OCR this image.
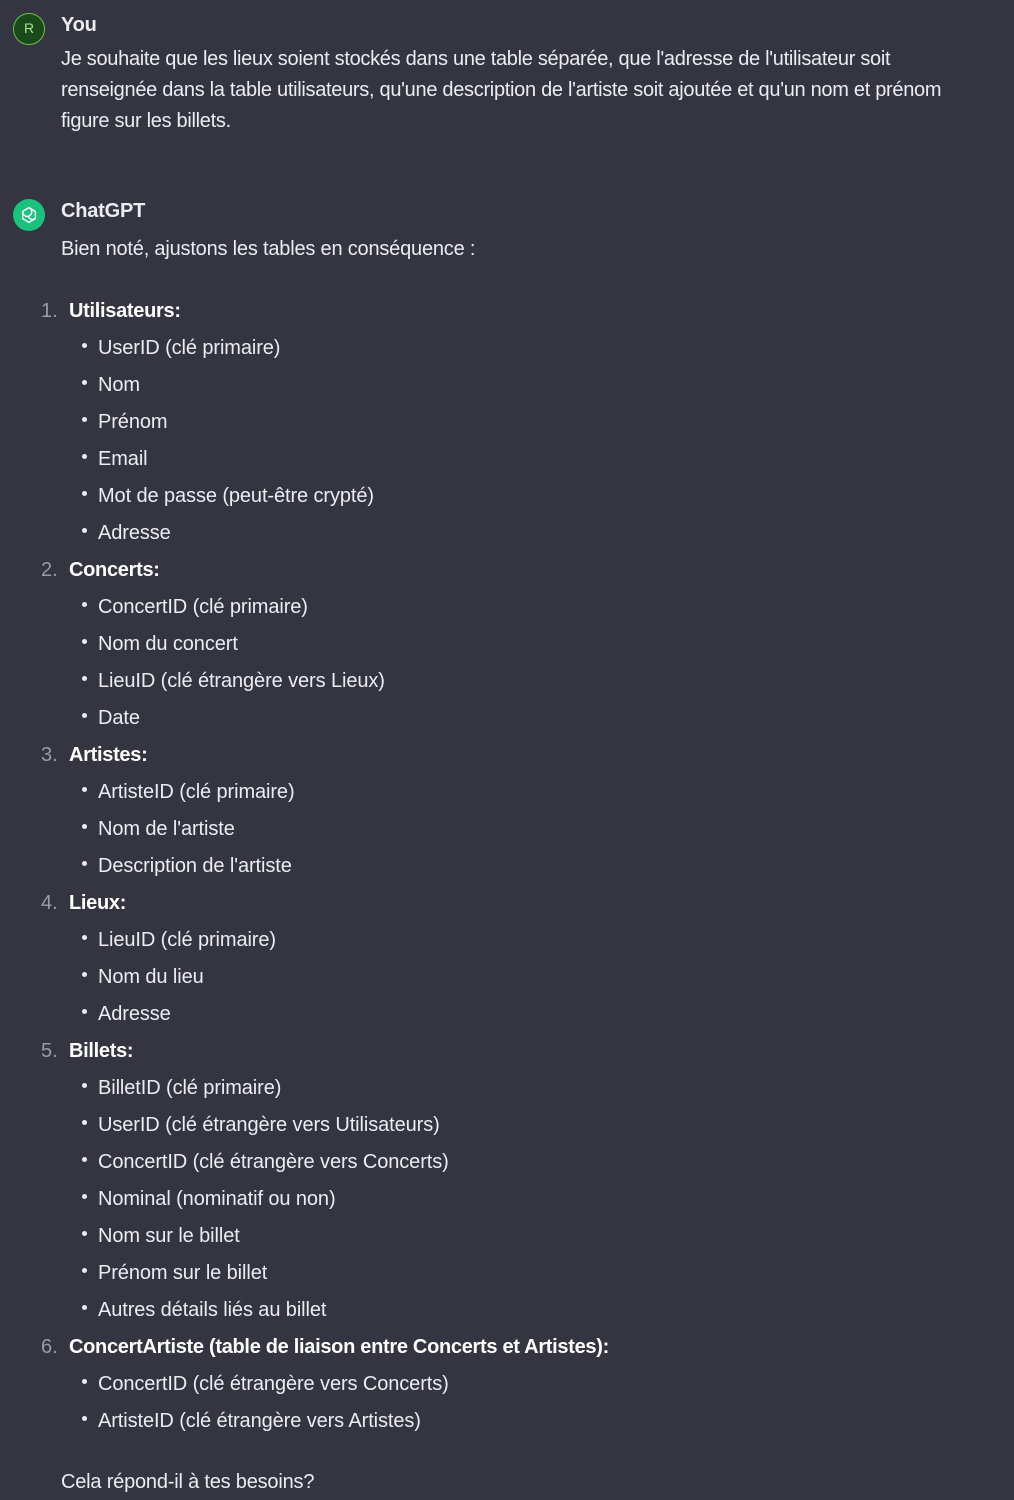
R	You
Je souhaite que les lieux soient stockés dans une table séparée, que l'adresse de l'utilisateur soit renseignée dans la table utilisateurs, qu'une description de l'artiste soit ajoutée et qu'un nom et prénom figure sur les billets.
ChatGPT
Bien noté, ajustons les tables en conséquence :
1. Utilisateurs:
UserID (clé primaire)
Nom
Prénom
Email
Mot de passe (peut-être crypté)
Adresse
2. Concerts:
ConcertID (clé primaire)
Nom du concert
LieuID (clé étrangère vers Lieux)
Date
3. Artistes:
ArtisteID (clé primaire)
Nom de l'artiste
Description de l'artiste
4. Lieux:
LieuID (clé primaire)
Nom du lieu
Adresse
5. Billets:
BilletID (clé primaire)
UserID (clé étrangère vers Utilisateurs)
ConcertID (clé étrangère vers Concerts)
Nominal (nominatif ou non)
Nom sur le billet
Prénom sur le billet
Autres détails liés au billet
6. ConcertArtiste (table de liaison entre Concerts et Artistes):
ConcertID (clé étrangère vers Concerts)
ArtisteID (clé étrangère vers Artistes)
Cela répond-il à tes besoins?
